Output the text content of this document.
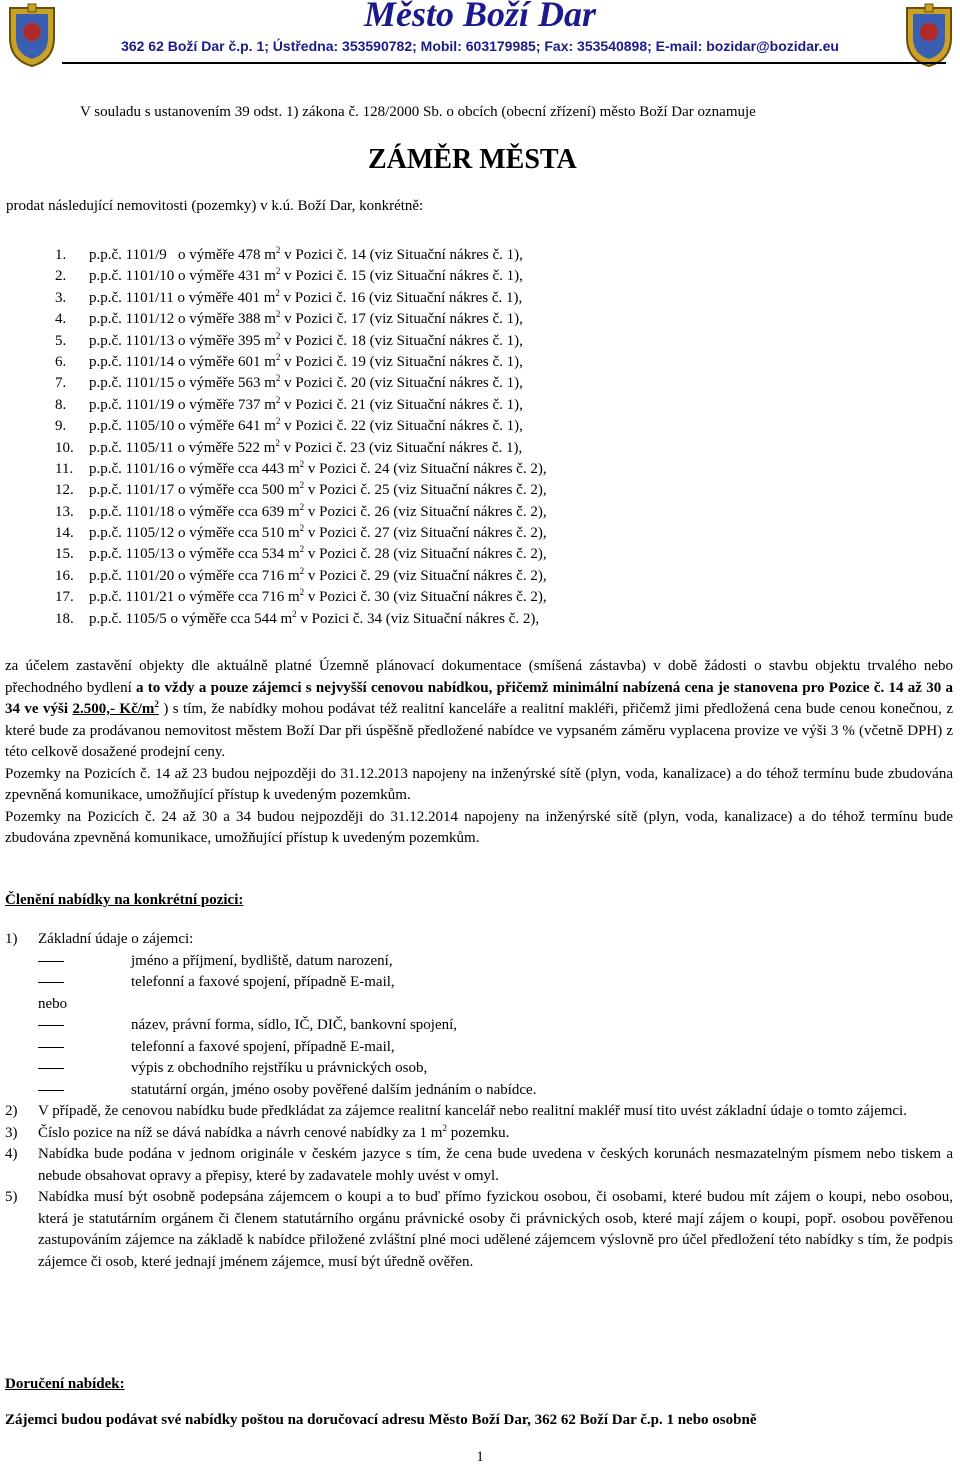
Město Boží Dar
362 62 Boží Dar č.p. 1; Ústředna: 353590782; Mobil: 603179985; Fax: 353540898; E-mail: bozidar@bozidar.eu
V souladu s ustanovením 39 odst. 1) zákona č. 128/2000 Sb. o obcích (obecní zřízení) město Boží Dar oznamuje
ZÁMĚR MĚSTA
prodat následující nemovitosti (pozemky) v k.ú. Boží Dar, konkrétně:
1.	p.p.č. 1101/9   o výměře 478 $m^2$ v Pozici č. 14 (viz Situační nákres č. 1),
2.	p.p.č. 1101/10 o výměře 431 $m^2$ v Pozici č. 15 (viz Situační nákres č. 1),
3.	p.p.č. 1101/11 o výměře 401 $m^2$ v Pozici č. 16 (viz Situační nákres č. 1),
4.	p.p.č. 1101/12 o výměře 388 $m^2$ v Pozici č. 17 (viz Situační nákres č. 1),
5.	p.p.č. 1101/13 o výměře 395 $m^2$ v Pozici č. 18 (viz Situační nákres č. 1),
6.	p.p.č. 1101/14 o výměře 601 $m^2$ v Pozici č. 19 (viz Situační nákres č. 1),
7.	p.p.č. 1101/15 o výměře 563 $m^2$ v Pozici č. 20 (viz Situační nákres č. 1),
8.	p.p.č. 1101/19 o výměře 737 $m^2$ v Pozici č. 21 (viz Situační nákres č. 1),
9.	p.p.č. 1105/10 o výměře 641 $m^2$ v Pozici č. 22 (viz Situační nákres č. 1),
10.	p.p.č. 1105/11 o výměře 522 $m^2$ v Pozici č. 23 (viz Situační nákres č. 1),
11.	p.p.č. 1101/16 o výměře cca 443 $m^2$ v Pozici č. 24 (viz Situační nákres č. 2),
12.	p.p.č. 1101/17 o výměře cca 500 $m^2$ v Pozici č. 25 (viz Situační nákres č. 2),
13.	p.p.č. 1101/18 o výměře cca 639 $m^2$ v Pozici č. 26 (viz Situační nákres č. 2),
14.	p.p.č. 1105/12 o výměře cca 510 $m^2$ v Pozici č. 27 (viz Situační nákres č. 2),
15.	p.p.č. 1105/13 o výměře cca 534 $m^2$ v Pozici č. 28 (viz Situační nákres č. 2),
16.	p.p.č. 1101/20 o výměře cca 716 $m^2$ v Pozici č. 29 (viz Situační nákres č. 2),
17.	p.p.č. 1101/21 o výměře cca 716 $m^2$ v Pozici č. 30 (viz Situační nákres č. 2),
18.	p.p.č. 1105/5 o výměře cca 544 $m^2$ v Pozici č. 34 (viz Situační nákres č. 2),

za účelem zastavění objekty dle aktuálně platné Územně plánovací dokumentace (smíšená zástavba) v době žádosti o stavbu objektu trvalého nebo přechodného bydlení a to vždy a pouze zájemci s nejvyšší cenovou nabídkou, přičemž minimální nabízená cena je stanovena pro Pozice č. 14 až 30 a 34 ve výši 2.500,- $Kč/m^2$ ) s tím, že nabídky mohou podávat též realitní kanceláře a realitní makléři, přičemž jimi předložená cena bude cenou konečnou, z které bude za prodávanou nemovitost městem Boží Dar při úspěšně předložené nabídce ve vypsaném záměru vyplacena provize ve výši 3 % (včetně DPH) z této celkově dosažené prodejní ceny.

Pozemky na Pozicích č. 14 až 23 budou nejpozději do 31.12.2013 napojeny na inženýrské sítě (plyn, voda, kanalizace) a do téhož termínu bude zbudována zpevněná komunikace, umožňující přístup k uvedeným pozemkům.

Pozemky na Pozicích č. 24 až 30 a 34 budou nejpozději do 31.12.2014 napojeny na inženýrské sítě (plyn, voda, kanalizace) a do téhož termínu bude zbudována zpevněná komunikace, umožňující přístup k uvedeným pozemkům.

Členění nabídky na konkrétní pozici:
1)	Základní údaje o zájemci:
jméno a příjmení, bydliště, datum narození,
telefonní a faxové spojení, případně E-mail,
nebo
název, právní forma, sídlo, IČ, DIČ, bankovní spojení,
telefonní a faxové spojení, případně E-mail,
výpis z obchodního rejstříku u právnických osob,
statutární orgán, jméno osoby pověřené dalším jednáním o nabídce.
2)	V případě, že cenovou nabídku bude předkládat za zájemce realitní kancelář nebo realitní makléř musí tito uvést základní údaje o tomto zájemci.
3)	Číslo pozice na níž se dává nabídka a návrh cenové nabídky za 1 $m^2$ pozemku.
4)	Nabídka bude podána v jednom originále v českém jazyce s tím, že cena bude uvedena v českých korunách nesmazatelným písmem nebo tiskem a nebude obsahovat opravy a přepisy, které by zadavatele mohly uvést v omyl.
5)	Nabídka musí být osobně podepsána zájemcem o koupi a to buď přímo fyzickou osobou, či osobami, které budou mít zájem o koupi, nebo osobou, která je statutárním orgánem či členem statutárního orgánu právnické osoby či právnických osob, které mají zájem o koupi, popř. osobou pověřenou zastupováním zájemce na základě k nabídce přiložené zvláštní plné moci udělené zájemcem výslovně pro účel předložení této nabídky s tím, že podpis zájemce či osob, které jednají jménem zájemce, musí být úředně ověřen.
Doručení nabídek:
Zájemci budou podávat své nabídky poštou na doručovací adresu Město Boží Dar, 362 62 Boží Dar č.p. 1 nebo osobně
1
